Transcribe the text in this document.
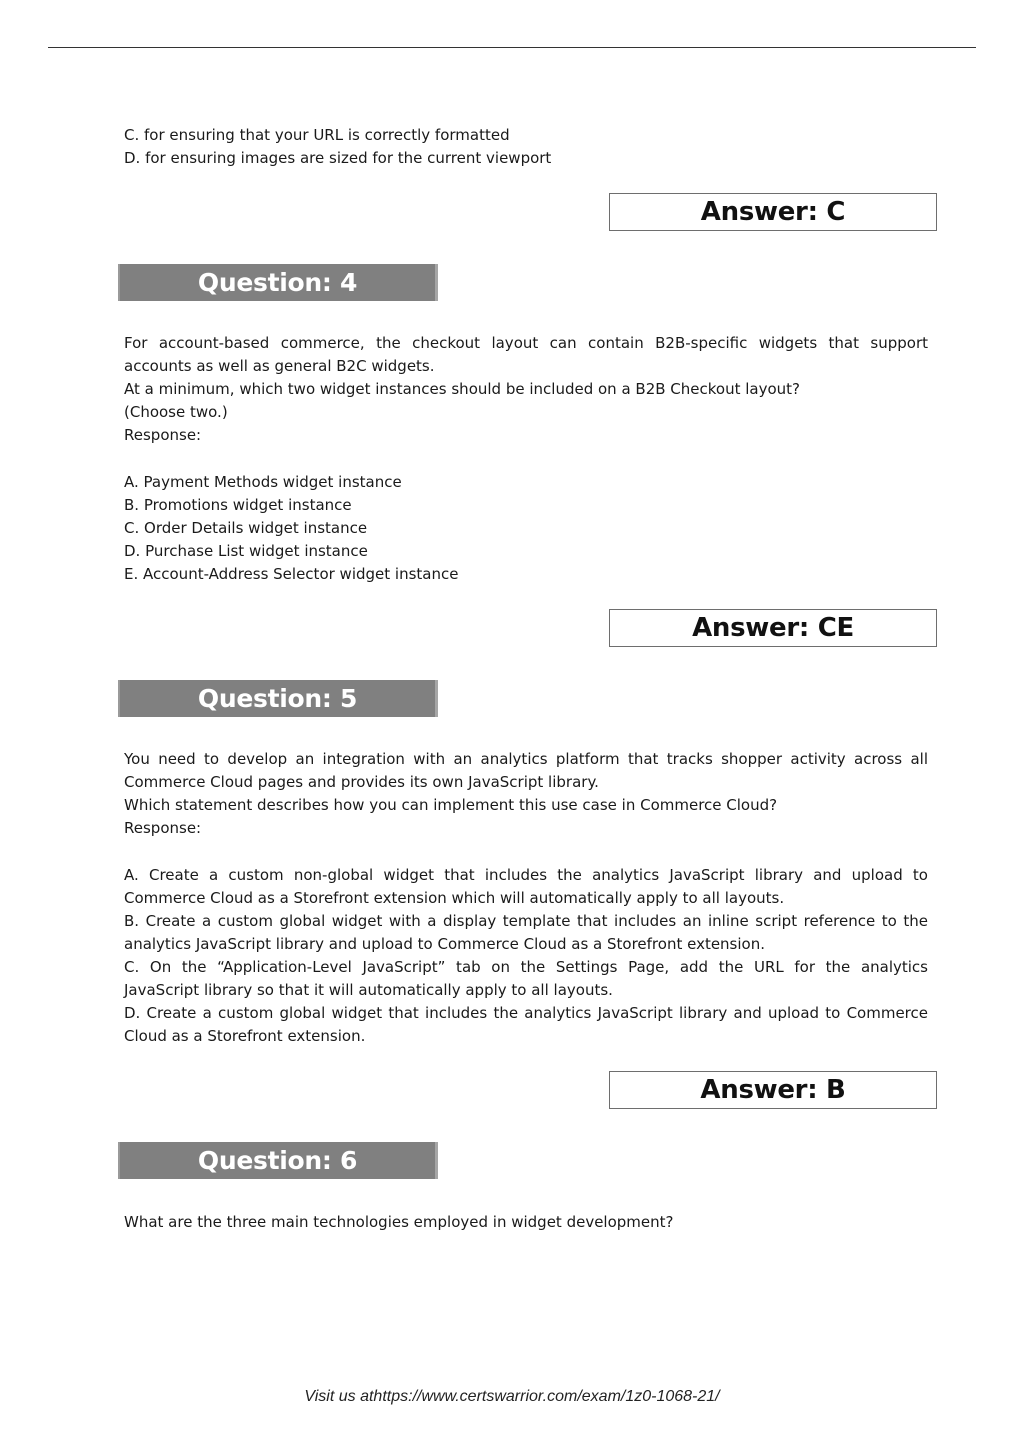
C. for ensuring that your URL is correctly formatted
D. for ensuring images are sized for the current viewport
Answer: C
Question: 4
For account-based commerce, the checkout layout can contain B2B-specific widgets that support
accounts as well as general B2C widgets.
At a minimum, which two widget instances should be included on a B2B Checkout layout?
(Choose two.)
Response:
A. Payment Methods widget instance
B. Promotions widget instance
C. Order Details widget instance
D. Purchase List widget instance
E. Account-Address Selector widget instance
Answer: CE
Question: 5
You need to develop an integration with an analytics platform that tracks shopper activity across all
Commerce Cloud pages and provides its own JavaScript library.
Which statement describes how you can implement this use case in Commerce Cloud?
Response:
A. Create a custom non-global widget that includes the analytics JavaScript library and upload to
Commerce Cloud as a Storefront extension which will automatically apply to all layouts.
B. Create a custom global widget with a display template that includes an inline script reference to the
analytics JavaScript library and upload to Commerce Cloud as a Storefront extension.
C. On the “Application-Level JavaScript” tab on the Settings Page, add the URL for the analytics
JavaScript library so that it will automatically apply to all layouts.
D. Create a custom global widget that includes the analytics JavaScript library and upload to Commerce
Cloud as a Storefront extension.
Answer: B
Question: 6
What are the three main technologies employed in widget development?
Visit us athttps://www.certswarrior.com/exam/1z0-1068-21/
